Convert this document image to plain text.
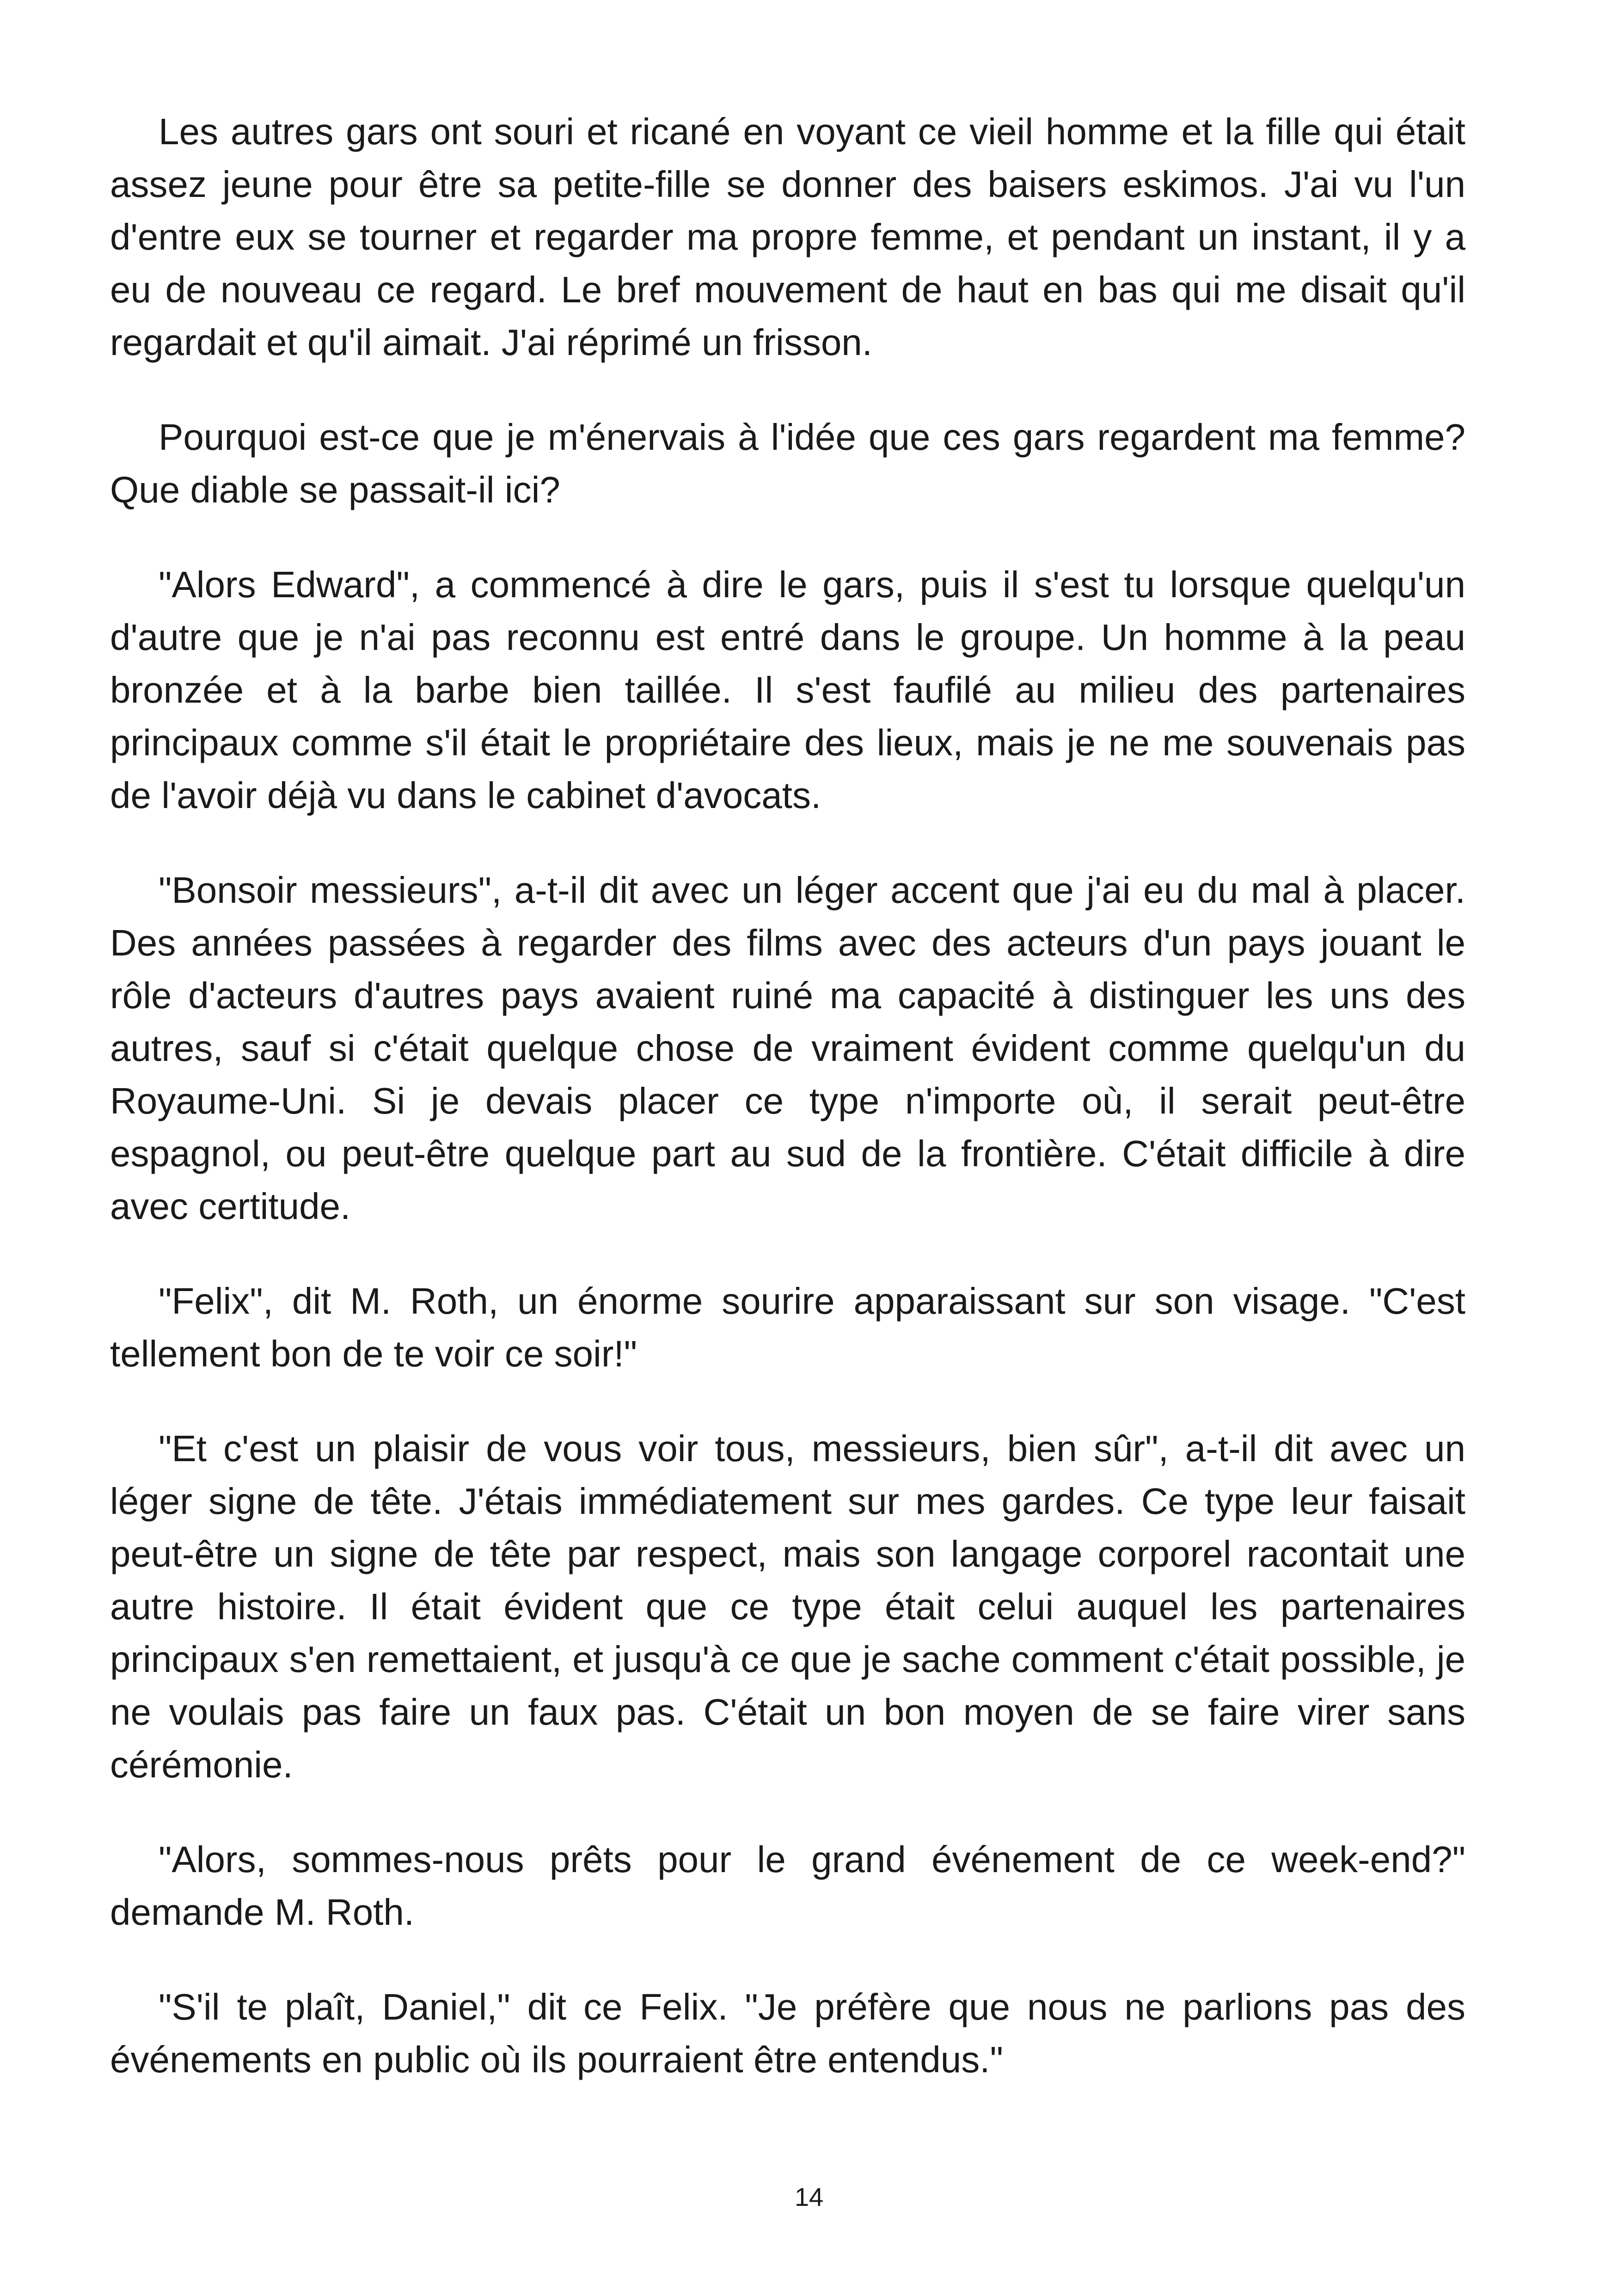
Les autres gars ont souri et ricané en voyant ce vieil homme et la fille qui était assez jeune pour être sa petite-fille se donner des baisers eskimos. J'ai vu l'un d'entre eux se tourner et regarder ma propre femme, et pendant un instant, il y a eu de nouveau ce regard. Le bref mouvement de haut en bas qui me disait qu'il regardait et qu'il aimait. J'ai réprimé un frisson.

Pourquoi est-ce que je m'énervais à l'idée que ces gars regardent ma femme? Que diable se passait-il ici?

"Alors Edward", a commencé à dire le gars, puis il s'est tu lorsque quelqu'un d'autre que je n'ai pas reconnu est entré dans le groupe. Un homme à la peau bronzée et à la barbe bien taillée. Il s'est faufilé au milieu des partenaires principaux comme s'il était le propriétaire des lieux, mais je ne me souvenais pas de l'avoir déjà vu dans le cabinet d'avocats.

"Bonsoir messieurs", a-t-il dit avec un léger accent que j'ai eu du mal à placer. Des années passées à regarder des films avec des acteurs d'un pays jouant le rôle d'acteurs d'autres pays avaient ruiné ma capacité à distinguer les uns des autres, sauf si c'était quelque chose de vraiment évident comme quelqu'un du Royaume-Uni. Si je devais placer ce type n'importe où, il serait peut-être espagnol, ou peut-être quelque part au sud de la frontière. C'était difficile à dire avec certitude.

"Felix", dit M. Roth, un énorme sourire apparaissant sur son visage. "C'est tellement bon de te voir ce soir!"

"Et c'est un plaisir de vous voir tous, messieurs, bien sûr", a-t-il dit avec un léger signe de tête. J'étais immédiatement sur mes gardes. Ce type leur faisait peut-être un signe de tête par respect, mais son langage corporel racontait une autre histoire. Il était évident que ce type était celui auquel les partenaires principaux s'en remettaient, et jusqu'à ce que je sache comment c'était possible, je ne voulais pas faire un faux pas. C'était un bon moyen de se faire virer sans cérémonie.

"Alors, sommes-nous prêts pour le grand événement de ce week-end?" demande M. Roth.

"S'il te plaît, Daniel," dit ce Felix. "Je préfère que nous ne parlions pas des événements en public où ils pourraient être entendus."

14
